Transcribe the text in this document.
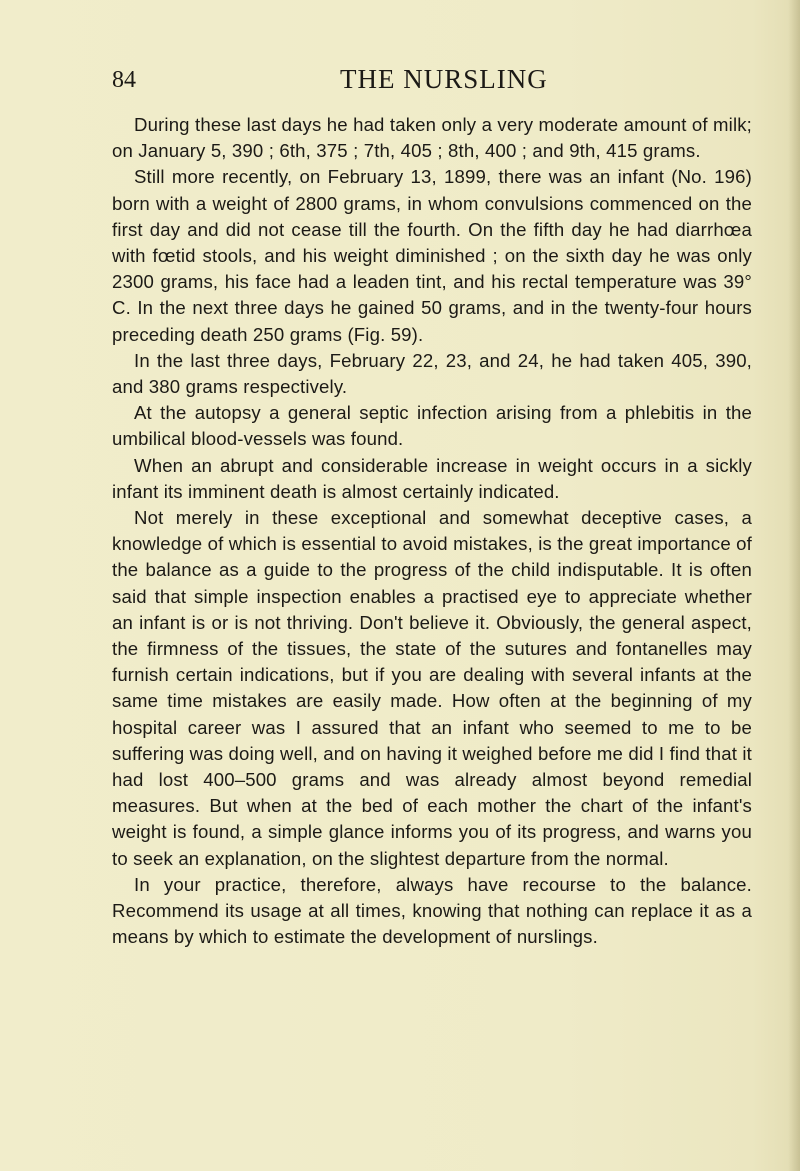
84	THE NURSLING

During these last days he had taken only a very moderate amount of milk; on January 5, 390 ; 6th, 375 ; 7th, 405 ; 8th, 400 ; and 9th, 415 grams.

Still more recently, on February 13, 1899, there was an infant (No. 196) born with a weight of 2800 grams, in whom convulsions commenced on the first day and did not cease till the fourth. On the fifth day he had diarrhœa with fœtid stools, and his weight diminished ; on the sixth day he was only 2300 grams, his face had a leaden tint, and his rectal temperature was 39° C. In the next three days he gained 50 grams, and in the twenty-four hours preceding death 250 grams (Fig. 59).

In the last three days, February 22, 23, and 24, he had taken 405, 390, and 380 grams respectively.

At the autopsy a general septic infection arising from a phlebitis in the umbilical blood-vessels was found.

When an abrupt and considerable increase in weight occurs in a sickly infant its imminent death is almost certainly indicated.

Not merely in these exceptional and somewhat deceptive cases, a knowledge of which is essential to avoid mistakes, is the great importance of the balance as a guide to the progress of the child indisputable. It is often said that simple inspection enables a practised eye to appreciate whether an infant is or is not thriving. Don't believe it. Obviously, the general aspect, the firmness of the tissues, the state of the sutures and fontanelles may furnish certain indications, but if you are dealing with several infants at the same time mistakes are easily made. How often at the beginning of my hospital career was I assured that an infant who seemed to me to be suffering was doing well, and on having it weighed before me did I find that it had lost 400–500 grams and was already almost beyond remedial measures. But when at the bed of each mother the chart of the infant's weight is found, a simple glance informs you of its progress, and warns you to seek an explanation, on the slightest departure from the normal.

In your practice, therefore, always have recourse to the balance. Recommend its usage at all times, knowing that nothing can replace it as a means by which to estimate the development of nurslings.
